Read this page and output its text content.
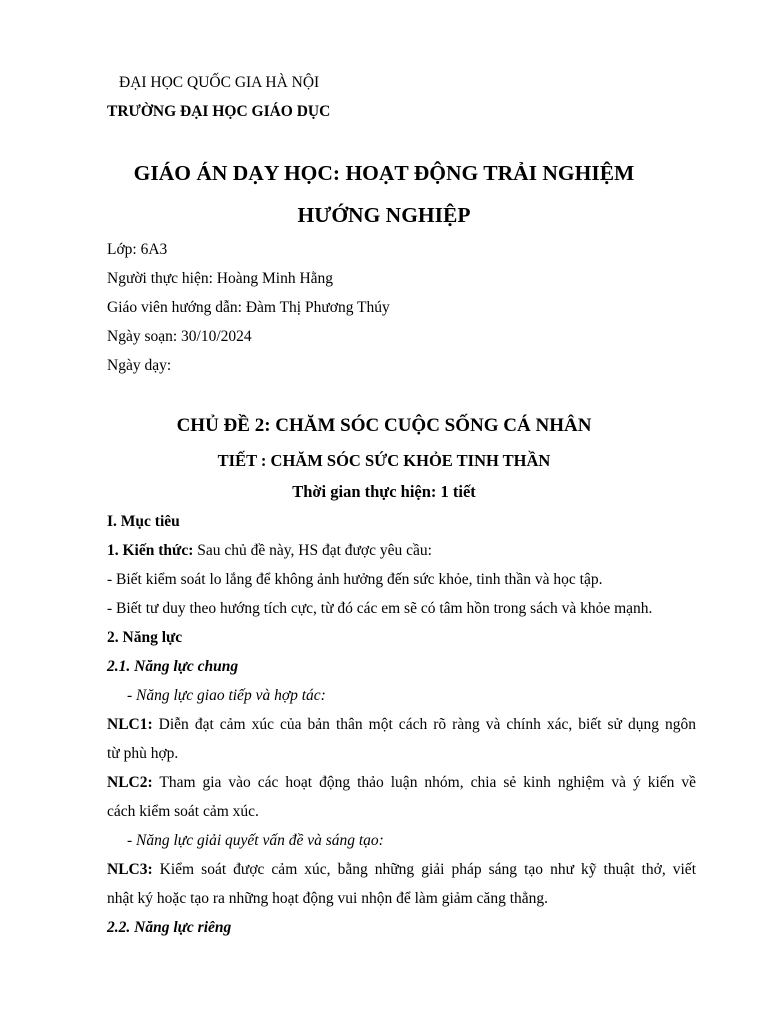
ĐẠI HỌC QUỐC GIA HÀ NỘI
TRƯỜNG ĐẠI HỌC GIÁO DỤC
GIÁO ÁN DẠY HỌC: HOẠT ĐỘNG TRẢI NGHIỆM
HƯỚNG NGHIỆP
Lớp: 6A3
Người thực hiện: Hoàng Minh Hằng
Giáo viên hướng dẫn: Đàm Thị Phương Thúy
Ngày soạn: 30/10/2024
Ngày dạy:
CHỦ ĐỀ 2: CHĂM SÓC CUỘC SỐNG CÁ NHÂN
TIẾT : CHĂM SÓC SỨC KHỎE TINH THẦN
Thời gian thực hiện: 1 tiết
I. Mục tiêu
1. Kiến thức: Sau chủ đề này, HS đạt được yêu cầu:
- Biết kiểm soát lo lắng để không ảnh hưởng đến sức khỏe, tinh thần và học tập.
- Biết tư duy theo hướng tích cực, từ đó các em sẽ có tâm hồn trong sách và khỏe mạnh.
2. Năng lực
2.1. Năng lực chung
- Năng lực giao tiếp và hợp tác:
NLC1: Diễn đạt cảm xúc của bản thân một cách rõ ràng và chính xác, biết sử dụng ngôn
từ phù hợp.
NLC2: Tham gia vào các hoạt động thảo luận nhóm, chia sẻ kinh nghiệm và ý kiến về
cách kiểm soát cảm xúc.
- Năng lực giải quyết vấn đề và sáng tạo:
NLC3: Kiểm soát được cảm xúc, bằng những giải pháp sáng tạo như kỹ thuật thở, viết
nhật ký hoặc tạo ra những hoạt động vui nhộn để làm giảm căng thẳng.
2.2. Năng lực riêng
